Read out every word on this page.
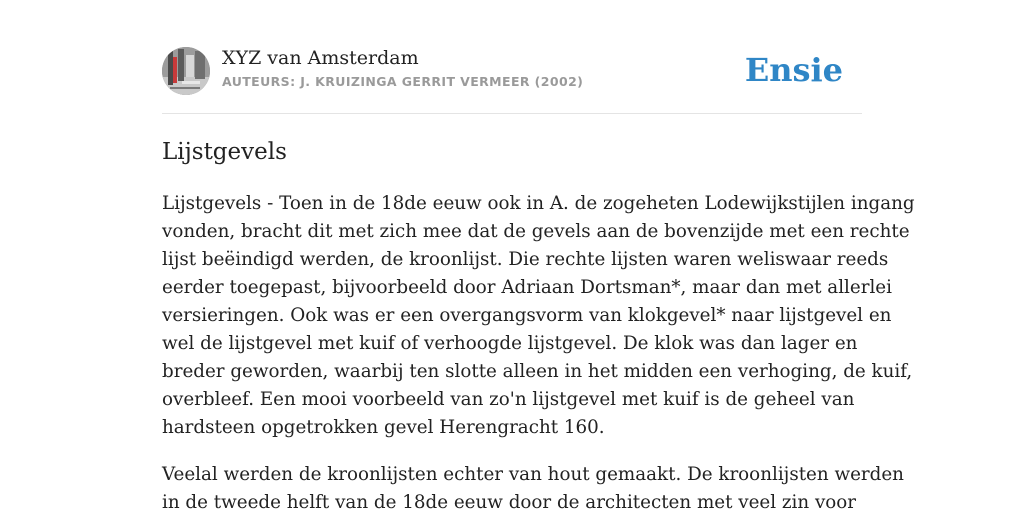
XYZ van Amsterdam
AUTEURS: J. KRUIZINGA GERRIT VERMEER (2002)	Ensie
Lijstgevels

Lijstgevels - Toen in de 18de eeuw ook in A. de zogeheten Lodewijkstijlen ingang
vonden, bracht dit met zich mee dat de gevels aan de bovenzijde met een rechte
lijst beëindigd werden, de kroonlijst. Die rechte lijsten waren weliswaar reeds
eerder toegepast, bijvoorbeeld door Adriaan Dortsman*, maar dan met allerlei
versieringen. Ook was er een overgangsvorm van klokgevel* naar lijstgevel en
wel de lijstgevel met kuif of verhoogde lijstgevel. De klok was dan lager en
breder geworden, waarbij ten slotte alleen in het midden een verhoging, de kuif,
overbleef. Een mooi voorbeeld van zo'n lijstgevel met kuif is de geheel van
hardsteen opgetrokken gevel Herengracht 160.

Veelal werden de kroonlijsten echter van hout gemaakt. De kroonlijsten werden
in de tweede helft van de 18de eeuw door de architecten met veel zin voor
